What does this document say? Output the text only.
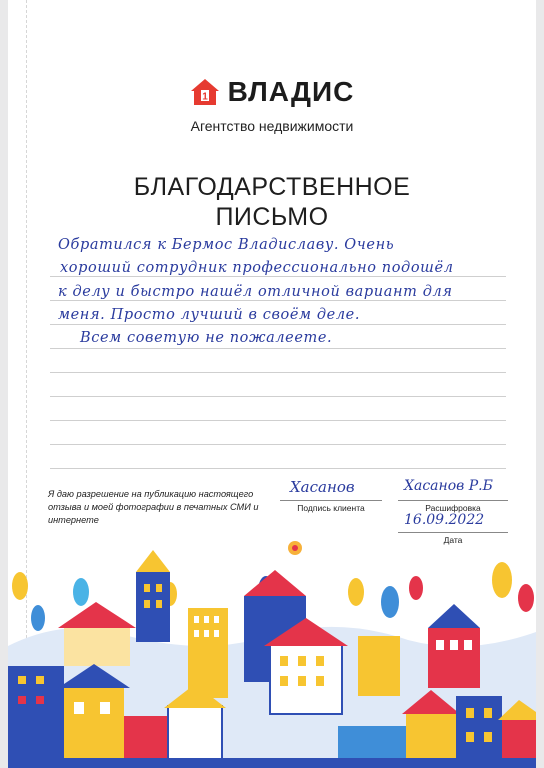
1 ВЛАДИС
Агентство недвижимости
БЛАГОДАРСТВЕННОЕ
ПИСЬМО
Обратился к Бермос Владиславу. Очень
хороший сотрудник профессионально подошёл
к делу и быстро нашёл отличной вариант для
меня. Просто лучший в своём деле.
Всем советую не пожалеете.
Я даю разрешение на публикацию настоящего отзыва и моей фотографии в печатных СМИ и интернете
Хасанов
Подпись клиента
Хасанов Р.Б
Расшифровка
16.09.2022
Дата
